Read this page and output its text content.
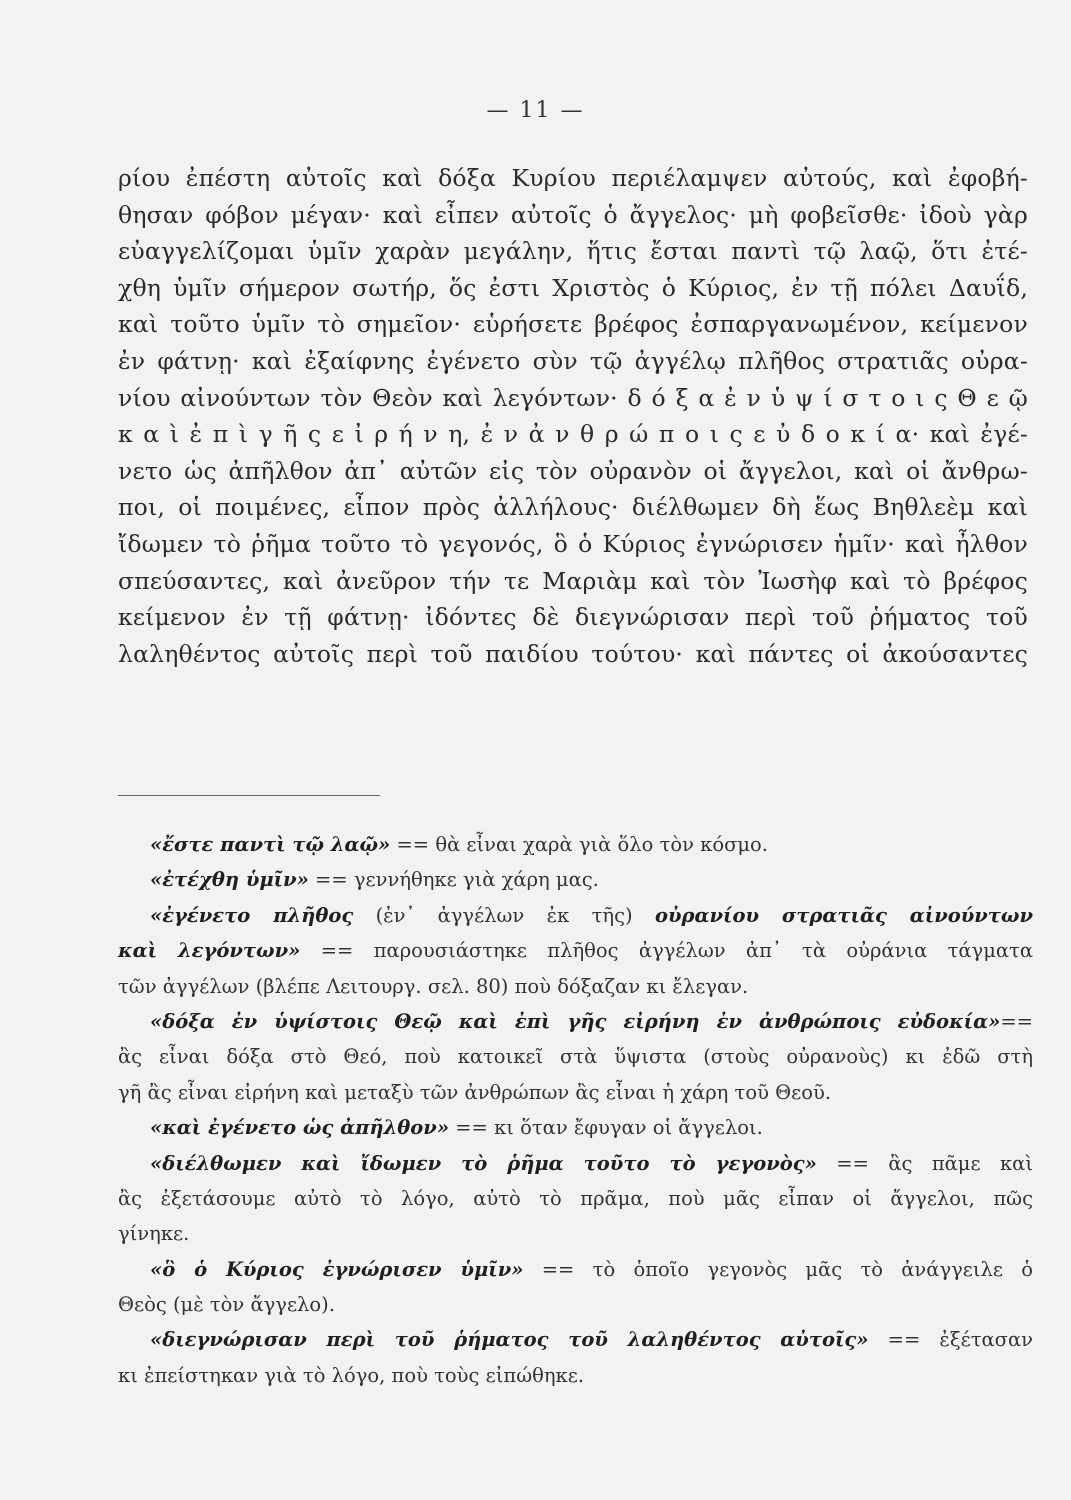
— 11 —
ρίου ἐπέστη αὐτοῖς καὶ δόξα Κυρίου περιέλαμψεν αὐτούς, καὶ ἐφοβή-
θησαν φόβον μέγαν· καὶ εἶπεν αὐτοῖς ὁ ἄγγελος· μὴ φοβεῖσθε· ἰδοὺ γὰρ
εὐαγγελίζομαι ὑμῖν χαρὰν μεγάλην, ἥτις ἔσται παντὶ τῷ λαῷ, ὅτι ἐτέ-
χθη ὑμῖν σήμερον σωτήρ, ὅς ἐστι Χριστὸς ὁ Κύριος, ἐν τῇ πόλει Δαυΐδ,
καὶ τοῦτο ὑμῖν τὸ σημεῖον· εὑρήσετε βρέφος ἐσπαργανωμένον, κείμενον
ἐν φάτνῃ· καὶ ἐξαίφνης ἐγένετο σὺν τῷ ἀγγέλῳ πλῆθος στρατιᾶς οὐρα-
νίου αἰνούντων τὸν Θεὸν καὶ λεγόντων· δ ό ξ α ἐ ν ὑ ψ ί σ τ ο ι ς Θ ε ῷ
κ α ὶ ἐ π ὶ γ ῆ ς ε ἰ ρ ή ν η, ἐ ν ἀ ν θ ρ ώ π ο ι ς ε ὐ δ ο κ ί α· καὶ ἐγέ-
νετο ὡς ἀπῆλθον ἀπ᾽ αὐτῶν εἰς τὸν οὐρανὸν οἱ ἄγγελοι, καὶ οἱ ἄνθρω-
ποι, οἱ ποιμένες, εἶπον πρὸς ἀλλήλους· διέλθωμεν δὴ ἕως Βηθλεὲμ καὶ
ἴδωμεν τὸ ῥῆμα τοῦτο τὸ γεγονός, ὃ ὁ Κύριος ἐγνώρισεν ἡμῖν· καὶ ἦλθον
σπεύσαντες, καὶ ἀνεῦρον τήν τε Μαριὰμ καὶ τὸν Ἰωσὴφ καὶ τὸ βρέφος
κείμενον ἐν τῇ φάτνῃ· ἰδόντες δὲ διεγνώρισαν περὶ τοῦ ῥήματος τοῦ
λαληθέντος αὐτοῖς περὶ τοῦ παιδίου τούτου· καὶ πάντες οἱ ἀκούσαντες
«ἔστε παντὶ τῷ λαῷ» == θὰ εἶναι χαρὰ γιὰ ὅλο τὸν κόσμο.
«ἐτέχθη ὑμῖν» == γεννήθηκε γιὰ χάρη μας.
«ἐγένετο πλῆθος (ἐν᾽ ἀγγέλων ἐκ τῆς) οὐρανίου στρατιᾶς αἰνούντων
καὶ λεγόντων» == παρουσιάστηκε πλῆθος ἀγγέλων ἀπ᾽ τὰ οὐράνια τάγματα
τῶν ἀγγέλων (βλέπε Λειτουργ. σελ. 80) ποὺ δόξαζαν κι ἔλεγαν.
«δόξα ἐν ὑψίστοις Θεῷ καὶ ἐπὶ γῆς εἰρήνη ἐν ἀνθρώποις εὐδοκία»==
ἂς εἶναι δόξα στὸ Θεό, ποὺ κατοικεῖ στὰ ὕψιστα (στοὺς οὐρανοὺς) κι ἐδῶ στὴ
γῆ ἂς εἶναι εἰρήνη καὶ μεταξὺ τῶν ἀνθρώπων ἂς εἶναι ἡ χάρη τοῦ Θεοῦ.
«καὶ ἐγένετο ὡς ἀπῆλθον» == κι ὅταν ἔφυγαν οἱ ἄγγελοι.
«διέλθωμεν καὶ ἴδωμεν τὸ ῥῆμα τοῦτο τὸ γεγονὸς» == ἂς πᾶμε καὶ
ἂς ἐξετάσουμε αὐτὸ τὸ λόγο, αὐτὸ τὸ πρᾶμα, ποὺ μᾶς εἶπαν οἱ ἄγγελοι, πῶς
γίνηκε.
«ὃ ὁ Κύριος ἐγνώρισεν ὑμῖν» == τὸ ὁποῖο γεγονὸς μᾶς τὸ ἀνάγγειλε ὁ
Θεὸς (μὲ τὸν ἄγγελο).
«διεγνώρισαν περὶ τοῦ ῥήματος τοῦ λαληθέντος αὐτοῖς» == ἐξέτασαν
κι ἐπείστηκαν γιὰ τὸ λόγο, ποὺ τοὺς εἰπώθηκε.
